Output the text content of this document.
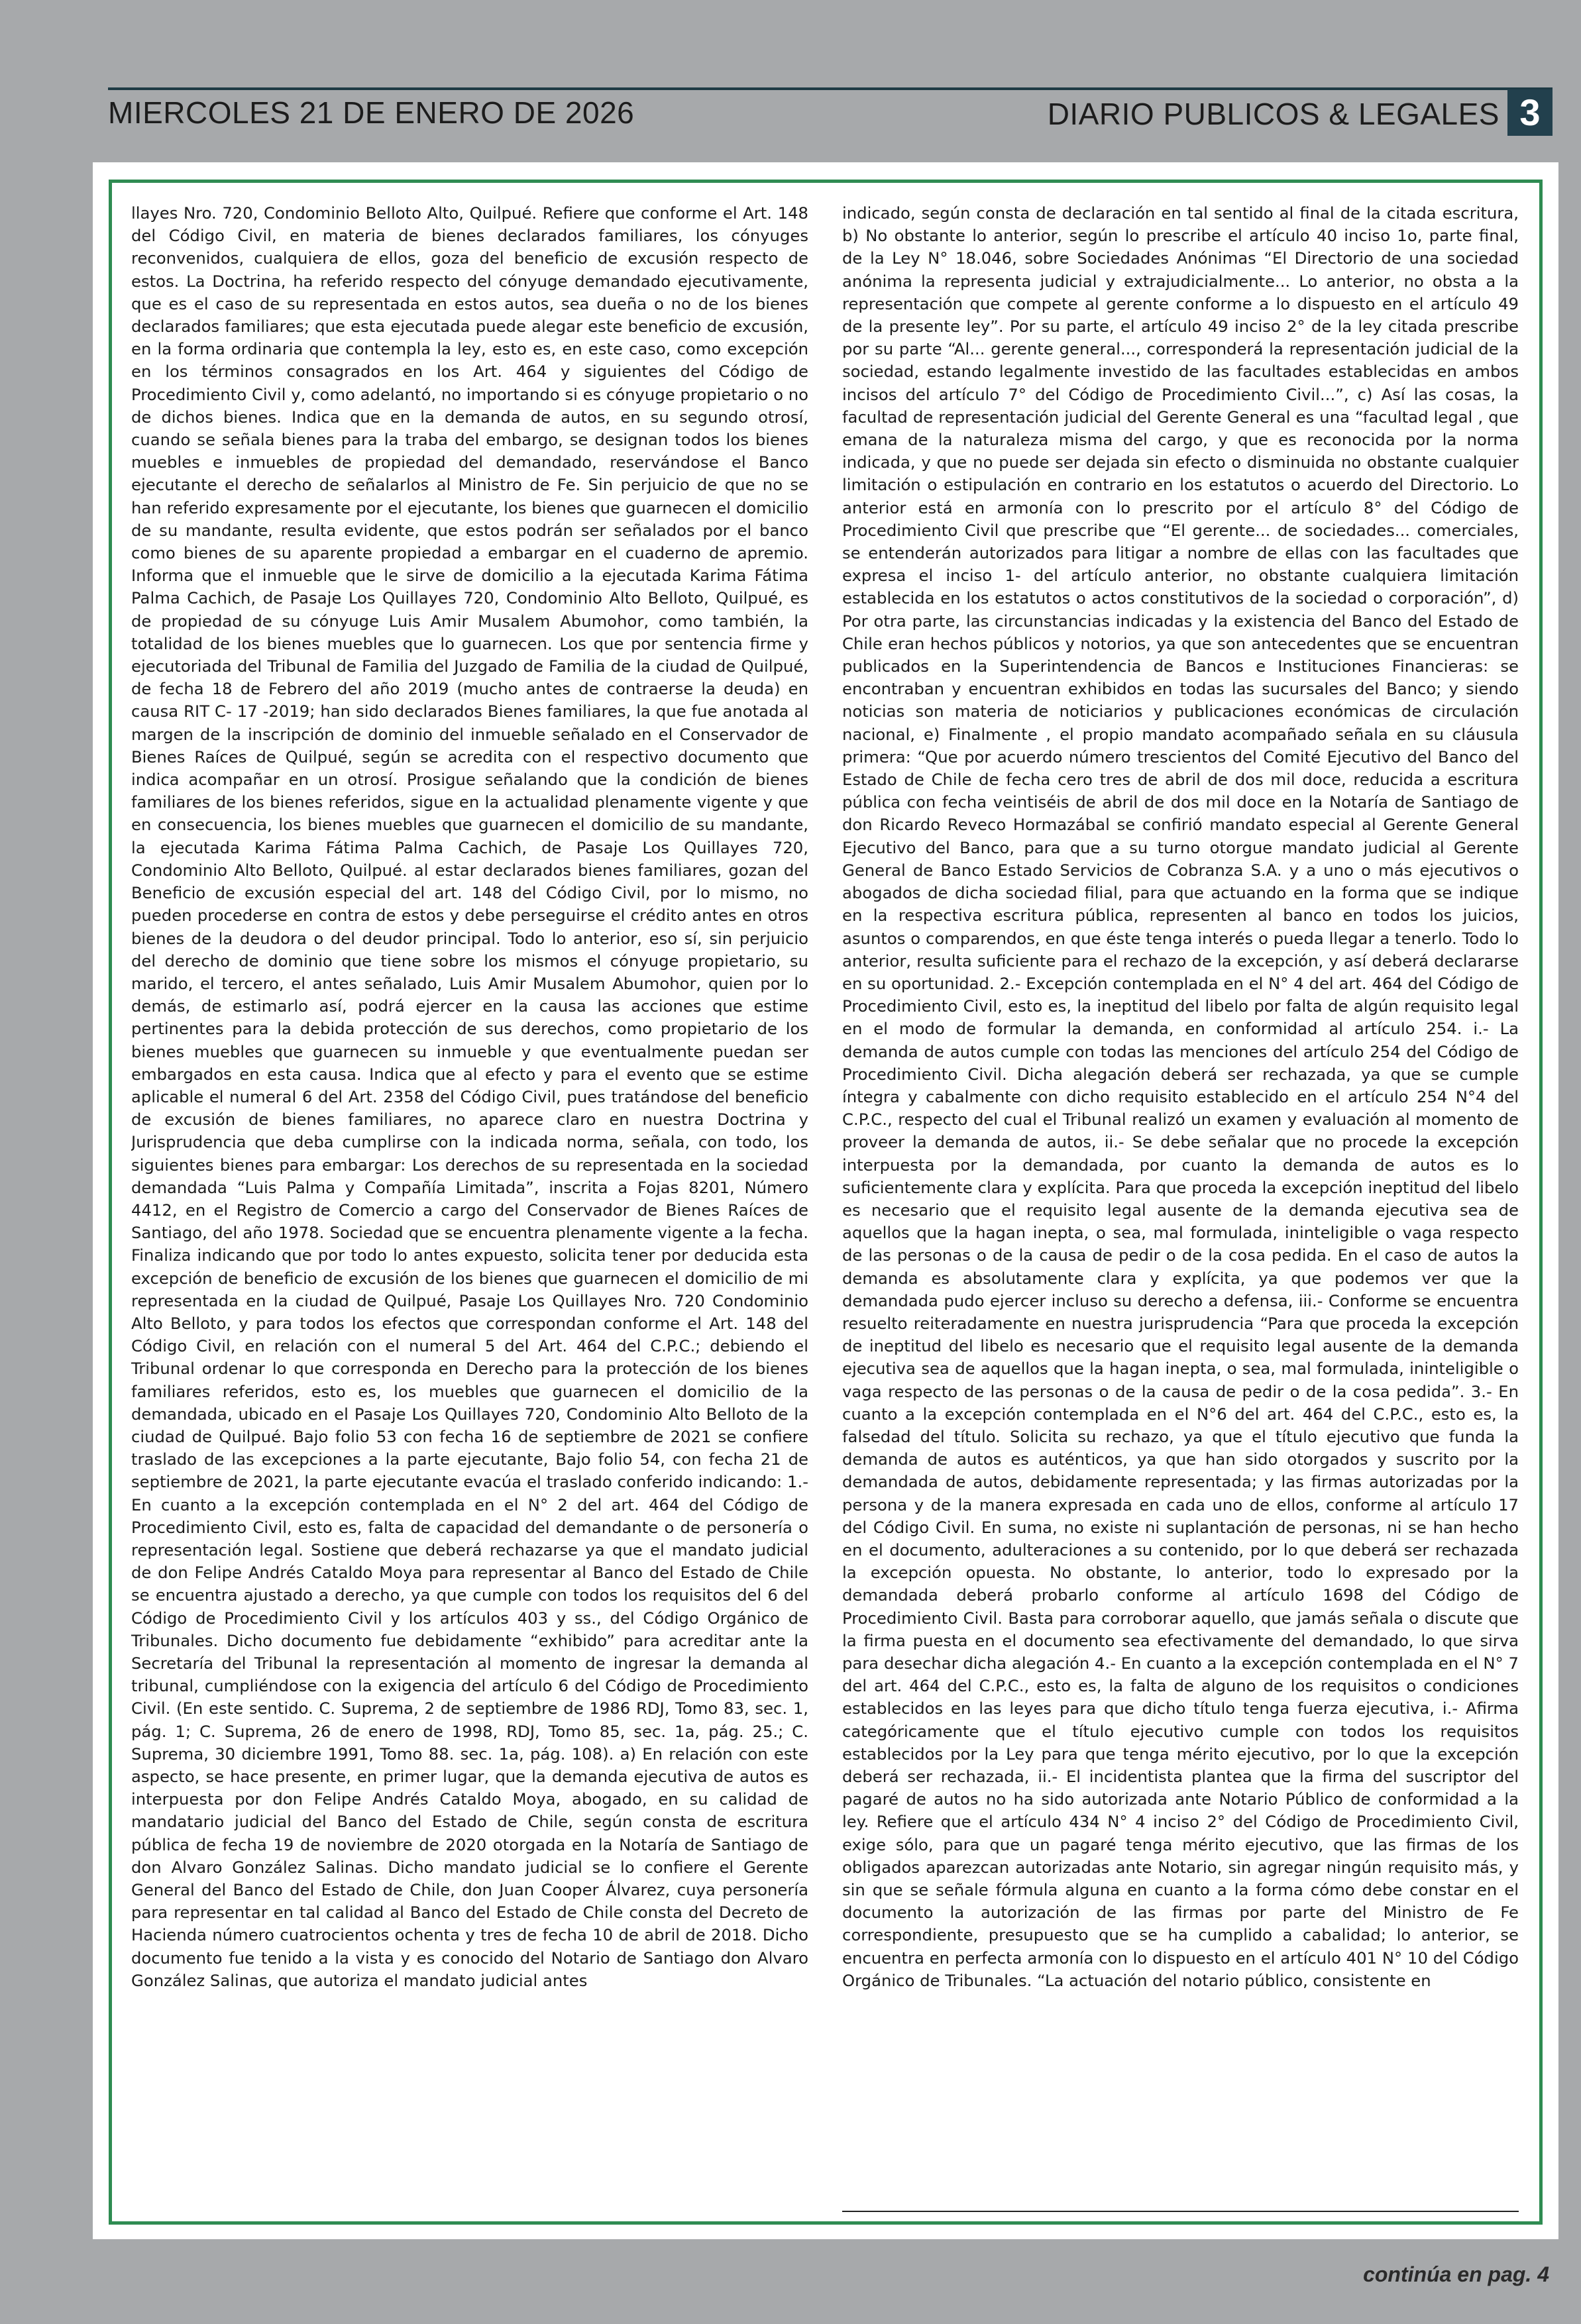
MIERCOLES 21 DE ENERO DE 2026	DIARIO PUBLICOS & LEGALES 3
llayes Nro. 720, Condominio Belloto Alto, Quilpué. Refiere que conforme el Art. 148 del Código Civil, en materia de bienes declarados familiares, los cónyuges reconvenidos, cualquiera de ellos, goza del beneficio de excusión respecto de estos. La Doctrina, ha referido respecto del cónyuge demandado ejecutivamente, que es el caso de su representada en estos autos, sea dueña o no de los bienes declarados familiares; que esta ejecutada puede alegar este beneficio de excusión, en la forma ordinaria que contempla la ley, esto es, en este caso, como excepción en los términos consagrados en los Art. 464 y siguientes del Código de Procedimiento Civil y, como adelantó, no importando si es cónyuge propietario o no de dichos bienes. Indica que en la demanda de autos, en su segundo otrosí, cuando se señala bienes para la traba del embargo, se designan todos los bienes muebles e inmuebles de propiedad del demandado, reservándose el Banco ejecutante el derecho de señalarlos al Ministro de Fe. Sin perjuicio de que no se han referido expresamente por el ejecutante, los bienes que guarnecen el domicilio de su mandante, resulta evidente, que estos podrán ser señalados por el banco como bienes de su aparente propiedad a embargar en el cuaderno de apremio. Informa que el inmueble que le sirve de domicilio a la ejecutada Karima Fátima Palma Cachich, de Pasaje Los Quillayes 720, Condominio Alto Belloto, Quilpué, es de propiedad de su cónyuge Luis Amir Musalem Abumohor, como también, la totalidad de los bienes muebles que lo guarnecen. Los que por sentencia firme y ejecutoriada del Tribunal de Familia del Juzgado de Familia de la ciudad de Quilpué, de fecha 18 de Febrero del año 2019 (mucho antes de contraerse la deuda) en causa RIT C- 17 -2019; han sido declarados Bienes familiares, la que fue anotada al margen de la inscripción de dominio del inmueble señalado en el Conservador de Bienes Raíces de Quilpué, según se acredita con el respectivo documento que indica acompañar en un otrosí. Prosigue señalando que la condición de bienes familiares de los bienes referidos, sigue en la actualidad plenamente vigente y que en consecuencia, los bienes muebles que guarnecen el domicilio de su mandante, la ejecutada Karima Fátima Palma Cachich, de Pasaje Los Quillayes 720, Condominio Alto Belloto, Quilpué. al estar declarados bienes familiares, gozan del Beneficio de excusión especial del art. 148 del Código Civil, por lo mismo, no pueden procederse en contra de estos y debe perseguirse el crédito antes en otros bienes de la deudora o del deudor principal. Todo lo anterior, eso sí, sin perjuicio del derecho de dominio que tiene sobre los mismos el cónyuge propietario, su marido, el tercero, el antes señalado, Luis Amir Musalem Abumohor, quien por lo demás, de estimarlo así, podrá ejercer en la causa las acciones que estime pertinentes para la debida protección de sus derechos, como propietario de los bienes muebles que guarnecen su inmueble y que eventualmente puedan ser embargados en esta causa. Indica que al efecto y para el evento que se estime aplicable el numeral 6 del Art. 2358 del Código Civil, pues tratándose del beneficio de excusión de bienes familiares, no aparece claro en nuestra Doctrina y Jurisprudencia que deba cumplirse con la indicada norma, señala, con todo, los siguientes bienes para embargar: Los derechos de su representada en la sociedad demandada “Luis Palma y Compañía Limitada”, inscrita a Fojas 8201, Número 4412, en el Registro de Comercio a cargo del Conservador de Bienes Raíces de Santiago, del año 1978. Sociedad que se encuentra plenamente vigente a la fecha. Finaliza indicando que por todo lo antes expuesto, solicita tener por deducida esta excepción de beneficio de excusión de los bienes que guarnecen el domicilio de mi representada en la ciudad de Quilpué, Pasaje Los Quillayes Nro. 720 Condominio Alto Belloto, y para todos los efectos que correspondan conforme el Art. 148 del Código Civil, en relación con el numeral 5 del Art. 464 del C.P.C.; debiendo el Tribunal ordenar lo que corresponda en Derecho para la protección de los bienes familiares referidos, esto es, los muebles que guarnecen el domicilio de la demandada, ubicado en el Pasaje Los Quillayes 720, Condominio Alto Belloto de la ciudad de Quilpué. Bajo folio 53 con fecha 16 de septiembre de 2021 se confiere traslado de las excepciones a la parte ejecutante, Bajo folio 54, con fecha 21 de septiembre de 2021, la parte ejecutante evacúa el traslado conferido indicando: 1.- En cuanto a la excepción contemplada en el N° 2 del art. 464 del Código de Procedimiento Civil, esto es, falta de capacidad del demandante o de personería o representación legal. Sostiene que deberá rechazarse ya que el mandato judicial de don Felipe Andrés Cataldo Moya para representar al Banco del Estado de Chile se encuentra ajustado a derecho, ya que cumple con todos los requisitos del 6 del Código de Procedimiento Civil y los artículos 403 y ss., del Código Orgánico de Tribunales. Dicho documento fue debidamente “exhibido” para acreditar ante la Secretaría del Tribunal la representación al momento de ingresar la demanda al tribunal, cumpliéndose con la exigencia del artículo 6 del Código de Procedimiento Civil. (En este sentido. C. Suprema, 2 de septiembre de 1986 RDJ, Tomo 83, sec. 1, pág. 1; C. Suprema, 26 de enero de 1998, RDJ, Tomo 85, sec. 1a, pág. 25.; C. Suprema, 30 diciembre 1991, Tomo 88. sec. 1a, pág. 108). a) En relación con este aspecto, se hace presente, en primer lugar, que la demanda ejecutiva de autos es interpuesta por don Felipe Andrés Cataldo Moya, abogado, en su calidad de mandatario judicial del Banco del Estado de Chile, según consta de escritura pública de fecha 19 de noviembre de 2020 otorgada en la Notaría de Santiago de don Alvaro González Salinas. Dicho mandato judicial se lo confiere el Gerente General del Banco del Estado de Chile, don Juan Cooper Álvarez, cuya personería para representar en tal calidad al Banco del Estado de Chile consta del Decreto de Hacienda número cuatrocientos ochenta y tres de fecha 10 de abril de 2018. Dicho documento fue tenido a la vista y es conocido del Notario de Santiago don Alvaro González Salinas, que autoriza el mandato judicial antes
indicado, según consta de declaración en tal sentido al final de la citada escritura, b) No obstante lo anterior, según lo prescribe el artículo 40 inciso 1o, parte final, de la Ley N° 18.046, sobre Sociedades Anónimas “El Directorio de una sociedad anónima la representa judicial y extrajudicialmente... Lo anterior, no obsta a la representación que compete al gerente conforme a lo dispuesto en el artículo 49 de la presente ley”. Por su parte, el artículo 49 inciso 2° de la ley citada prescribe por su parte “Al... gerente general..., corresponderá la representación judicial de la sociedad, estando legalmente investido de las facultades establecidas en ambos incisos del artículo 7° del Código de Procedimiento Civil...”, c) Así las cosas, la facultad de representación judicial del Gerente General es una “facultad legal , que emana de la naturaleza misma del cargo, y que es reconocida por la norma indicada, y que no puede ser dejada sin efecto o disminuida no obstante cualquier limitación o estipulación en contrario en los estatutos o acuerdo del Directorio. Lo anterior está en armonía con lo prescrito por el artículo 8° del Código de Procedimiento Civil que prescribe que “El gerente... de sociedades... comerciales, se entenderán autorizados para litigar a nombre de ellas con las facultades que expresa el inciso 1- del artículo anterior, no obstante cualquiera limitación establecida en los estatutos o actos constitutivos de la sociedad o corporación”, d) Por otra parte, las circunstancias indicadas y la existencia del Banco del Estado de Chile eran hechos públicos y notorios, ya que son antecedentes que se encuentran publicados en la Superintendencia de Bancos e Instituciones Financieras: se encontraban y encuentran exhibidos en todas las sucursales del Banco; y siendo noticias son materia de noticiarios y publicaciones económicas de circulación nacional, e) Finalmente , el propio mandato acompañado señala en su cláusula primera: “Que por acuerdo número trescientos del Comité Ejecutivo del Banco del Estado de Chile de fecha cero tres de abril de dos mil doce, reducida a escritura pública con fecha veintiséis de abril de dos mil doce en la Notaría de Santiago de don Ricardo Reveco Hormazábal se confirió mandato especial al Gerente General Ejecutivo del Banco, para que a su turno otorgue mandato judicial al Gerente General de Banco Estado Servicios de Cobranza S.A. y a uno o más ejecutivos o abogados de dicha sociedad filial, para que actuando en la forma que se indique en la respectiva escritura pública, representen al banco en todos los juicios, asuntos o comparendos, en que éste tenga interés o pueda llegar a tenerlo. Todo lo anterior, resulta suficiente para el rechazo de la excepción, y así deberá declararse en su oportunidad. 2.- Excepción contemplada en el N° 4 del art. 464 del Código de Procedimiento Civil, esto es, la ineptitud del libelo por falta de algún requisito legal en el modo de formular la demanda, en conformidad al artículo 254. i.- La demanda de autos cumple con todas las menciones del artículo 254 del Código de Procedimiento Civil. Dicha alegación deberá ser rechazada, ya que se cumple íntegra y cabalmente con dicho requisito establecido en el artículo 254 N°4 del C.P.C., respecto del cual el Tribunal realizó un examen y evaluación al momento de proveer la demanda de autos, ii.- Se debe señalar que no procede la excepción interpuesta por la demandada, por cuanto la demanda de autos es lo suficientemente clara y explícita. Para que proceda la excepción ineptitud del libelo es necesario que el requisito legal ausente de la demanda ejecutiva sea de aquellos que la hagan inepta, o sea, mal formulada, ininteligible o vaga respecto de las personas o de la causa de pedir o de la cosa pedida. En el caso de autos la demanda es absolutamente clara y explícita, ya que podemos ver que la demandada pudo ejercer incluso su derecho a defensa, iii.- Conforme se encuentra resuelto reiteradamente en nuestra jurisprudencia “Para que proceda la excepción de ineptitud del libelo es necesario que el requisito legal ausente de la demanda ejecutiva sea de aquellos que la hagan inepta, o sea, mal formulada, ininteligible o vaga respecto de las personas o de la causa de pedir o de la cosa pedida”. 3.- En cuanto a la excepción contemplada en el N°6 del art. 464 del C.P.C., esto es, la falsedad del título. Solicita su rechazo, ya que el título ejecutivo que funda la demanda de autos es auténticos, ya que han sido otorgados y suscrito por la demandada de autos, debidamente representada; y las firmas autorizadas por la persona y de la manera expresada en cada uno de ellos, conforme al artículo 17 del Código Civil. En suma, no existe ni suplantación de personas, ni se han hecho en el documento, adulteraciones a su contenido, por lo que deberá ser rechazada la excepción opuesta. No obstante, lo anterior, todo lo expresado por la demandada deberá probarlo conforme al artículo 1698 del Código de Procedimiento Civil. Basta para corroborar aquello, que jamás señala o discute que la firma puesta en el documento sea efectivamente del demandado, lo que sirva para desechar dicha alegación 4.- En cuanto a la excepción contemplada en el N° 7 del art. 464 del C.P.C., esto es, la falta de alguno de los requisitos o condiciones establecidos en las leyes para que dicho título tenga fuerza ejecutiva, i.- Afirma categóricamente que el título ejecutivo cumple con todos los requisitos establecidos por la Ley para que tenga mérito ejecutivo, por lo que la excepción deberá ser rechazada, ii.- El incidentista plantea que la firma del suscriptor del pagaré de autos no ha sido autorizada ante Notario Público de conformidad a la ley. Refiere que el artículo 434 N° 4 inciso 2° del Código de Procedimiento Civil, exige sólo, para que un pagaré tenga mérito ejecutivo, que las firmas de los obligados aparezcan autorizadas ante Notario, sin agregar ningún requisito más, y sin que se señale fórmula alguna en cuanto a la forma cómo debe constar en el documento la autorización de las firmas por parte del Ministro de Fe correspondiente, presupuesto que se ha cumplido a cabalidad; lo anterior, se encuentra en perfecta armonía con lo dispuesto en el artículo 401 N° 10 del Código Orgánico de Tribunales. “La actuación del notario público, consistente en
continúa en pag. 4
